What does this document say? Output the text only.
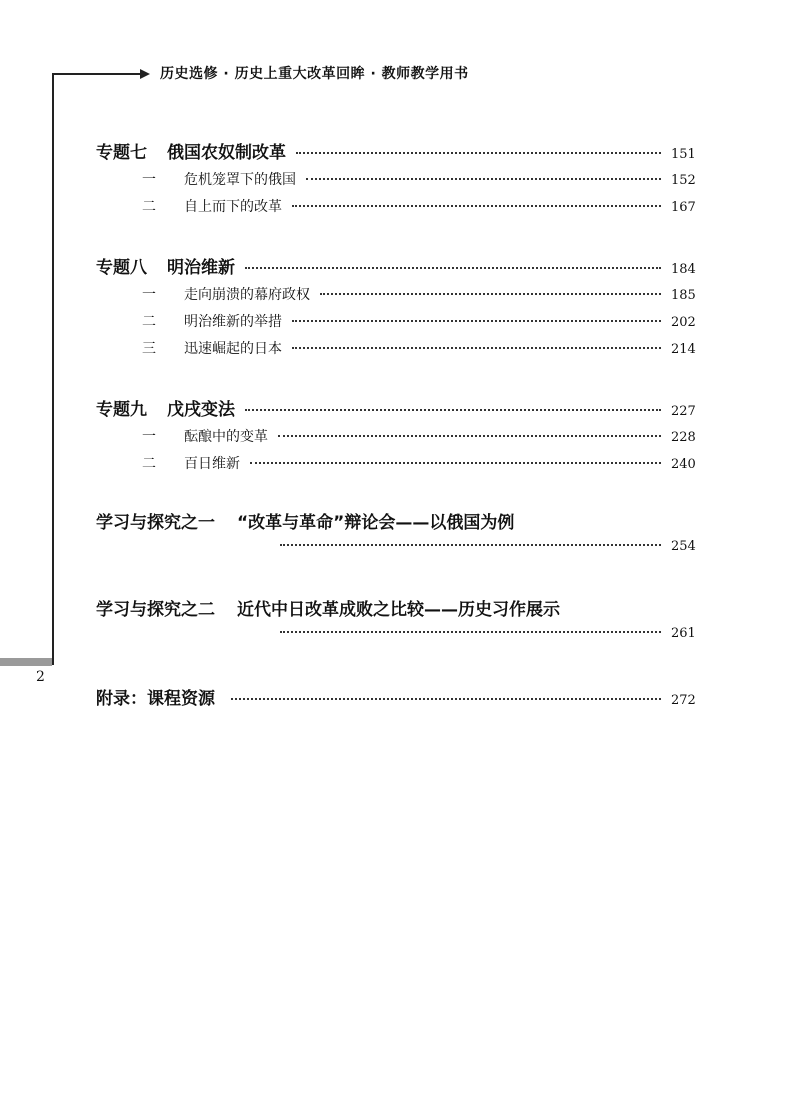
历史选修 · 历史上重大改革回眸 · 教师教学用书
2
专题七 俄国农奴制改革	151
一 危机笼罩下的俄国	152
二 自上而下的改革	167
专题八 明治维新	184
一 走向崩溃的幕府政权	185
二 明治维新的举措	202
三 迅速崛起的日本	214
专题九 戊戌变法	227
一 酝酿中的变革	228
二 百日维新	240
学习与探究之一 “改革与革命”辩论会——以俄国为例
254
学习与探究之二 近代中日改革成败之比较——历史习作展示
261
附录：课程资源	272
